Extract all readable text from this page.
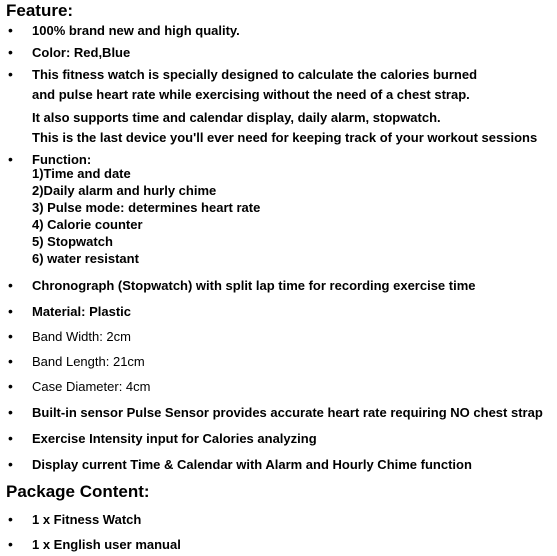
Feature:
• 100% brand new and high quality.
• Color: Red,Blue
• This fitness watch is specially designed to calculate the calories burned
and pulse heart rate while exercising without the need of a chest strap.
It also supports time and calendar display, daily alarm, stopwatch.
This is the last device you'll ever need for keeping track of your workout sessions
• Function:
1)Time and date
2)Daily alarm and hurly chime
3) Pulse mode: determines heart rate
4) Calorie counter
5) Stopwatch
6) water resistant
• Chronograph (Stopwatch) with split lap time for recording exercise time
• Material: Plastic
• Band Width: 2cm
• Band Length: 21cm
• Case Diameter: 4cm
• Built-in sensor Pulse Sensor provides accurate heart rate requiring NO chest strap
• Exercise Intensity input for Calories analyzing
• Display current Time & Calendar with Alarm and Hourly Chime function
Package Content:
• 1 x Fitness Watch
• 1 x English user manual
